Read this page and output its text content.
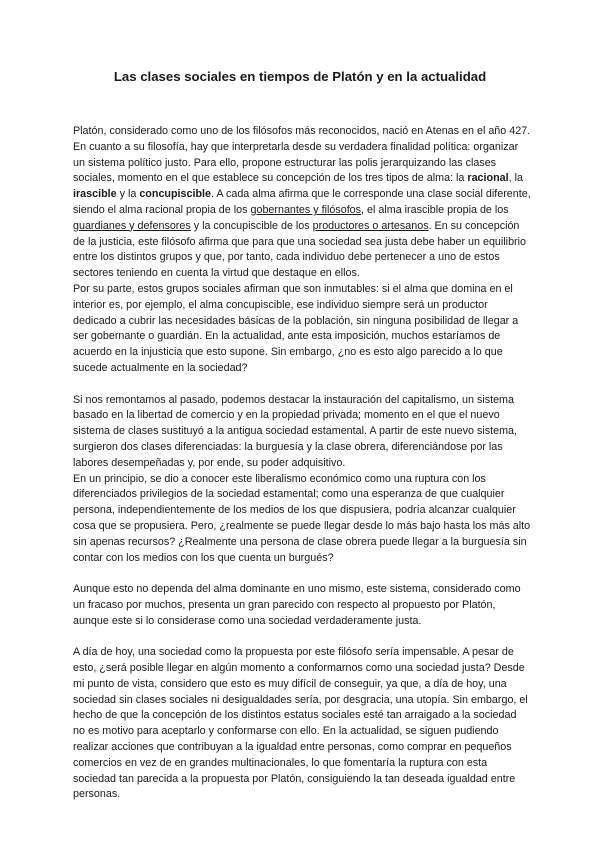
Las clases sociales en tiempos de Platón y en la actualidad

Platón, considerado como uno de los filósofos más reconocidos, nació en Atenas en el año 427. En cuanto a su filosofía, hay que interpretarla desde su verdadera finalidad política: organizar un sistema político justo. Para ello, propone estructurar las polis jerarquizando las clases sociales, momento en el que establece su concepción de los tres tipos de alma: la racional, la irascible y la concupiscible. A cada alma afirma que le corresponde una clase social diferente, siendo el alma racional propia de los gobernantes y filósofos, el alma irascible propia de los guardianes y defensores y la concupiscible de los productores o artesanos. En su concepción de la justicia, este filósofo afirma que para que una sociedad sea justa debe haber un equilibrio entre los distintos grupos y que, por tanto, cada individuo debe pertenecer a uno de estos sectores teniendo en cuenta la virtud que destaque en ellos.

Por su parte, estos grupos sociales afirman que son inmutables: si el alma que domina en el interior es, por ejemplo, el alma concupiscible, ese individuo siempre será un productor dedicado a cubrir las necesidades básicas de la población, sin ninguna posibilidad de llegar a ser gobernante o guardián. En la actualidad, ante esta imposición, muchos estaríamos de acuerdo en la injusticia que esto supone. Sin embargo, ¿no es esto algo parecido a lo que sucede actualmente en la sociedad?

Si nos remontamos al pasado, podemos destacar la instauración del capitalismo, un sistema basado en la libertad de comercio y en la propiedad privada; momento en el que el nuevo sistema de clases sustituyó a la antigua sociedad estamental. A partir de este nuevo sistema, surgieron dos clases diferenciadas: la burguesía y la clase obrera, diferenciándose por las labores desempeñadas y, por ende, su poder adquisitivo.

En un principio, se dio a conocer este liberalismo económico como una ruptura con los diferenciados privilegios de la sociedad estamental; como una esperanza de que cualquier persona, independientemente de los medios de los que dispusiera, podría alcanzar cualquier cosa que se propusiera. Pero, ¿realmente se puede llegar desde lo más bajo hasta los más alto sin apenas recursos? ¿Realmente una persona de clase obrera puede llegar a la burguesía sin contar con los medios con los que cuenta un burgués?

Aunque esto no dependa del alma dominante en uno mismo, este sistema, considerado como un fracaso por muchos, presenta un gran parecido con respecto al propuesto por Platón, aunque este si lo considerase como una sociedad verdaderamente justa.

A día de hoy, una sociedad como la propuesta por este filósofo sería impensable. A pesar de esto, ¿será posible llegar en algún momento a conformarnos como una sociedad justa? Desde mi punto de vista, considero que esto es muy difícil de conseguir, ya que, a día de hoy, una sociedad sin clases sociales ni desigualdades sería, por desgracia, una utopía. Sin embargo, el hecho de que la concepción de los distintos estatus sociales esté tan arraigado a la sociedad no es motivo para aceptarlo y conformarse con ello. En la actualidad, se siguen pudiendo realizar acciones que contribuyan a la igualdad entre personas, como comprar en pequeños comercios en vez de en grandes multinacionales, lo que fomentaría la ruptura con esta sociedad tan parecida a la propuesta por Platón, consiguiendo la tan deseada igualdad entre personas.
